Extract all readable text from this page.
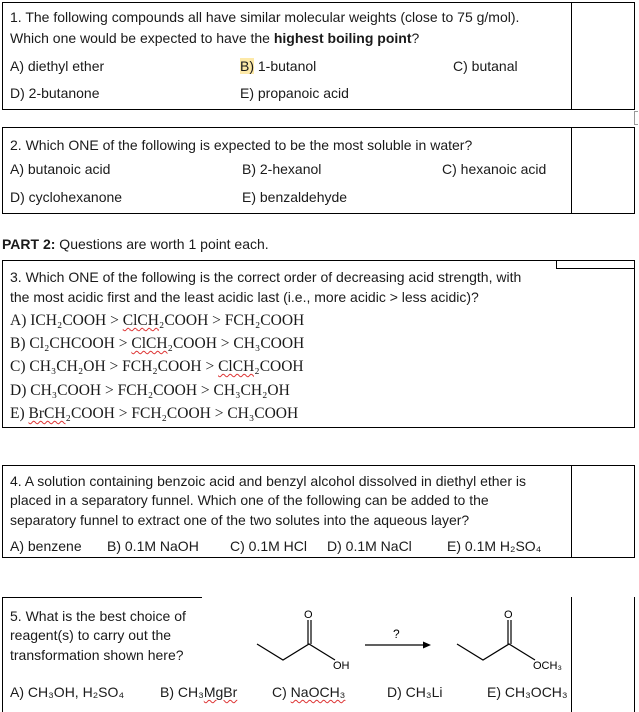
1. The following compounds all have similar molecular weights (close to 75 g/mol).
Which one would be expected to have the highest boiling point?
A) diethyl ether	B) 1-butanol	C) butanal
D) 2-butanone	E) propanoic acid
2. Which ONE of the following is expected to be the most soluble in water?
A) butanoic acid	B) 2-hexanol	C) hexanoic acid
D) cyclohexanone	E) benzaldehyde
PART 2: Questions are worth 1 point each.
3. Which ONE of the following is the correct order of decreasing acid strength, with
the most acidic first and the least acidic last (i.e., more acidic > less acidic)?
A) ICH₂COOH > ClCH₂COOH > FCH₂COOH
B) Cl₂CHCOOH > ClCH₂COOH > CH₃COOH
C) CH₃CH₂OH > FCH₂COOH > ClCH₂COOH
D) CH₃COOH > FCH₂COOH > CH₃CH₂OH
E) BrCH₂COOH > FCH₂COOH > CH₃COOH
4. A solution containing benzoic acid and benzyl alcohol dissolved in diethyl ether is
placed in a separatory funnel. Which one of the following can be added to the
separatory funnel to extract one of the two solutes into the aqueous layer?
A) benzene B) 0.1M NaOH C) 0.1M HCl D) 0.1M NaCl	E) 0.1M H₂SO₄
5. What is the best choice of
reagent(s) to carry out the
transformation shown here?
O
OH
?
O
OCH₃
A) CH₃OH, H₂SO₄	B) CH₃MgBr C) NaOCH₃	D) CH₃Li	E) CH₃OCH₃
